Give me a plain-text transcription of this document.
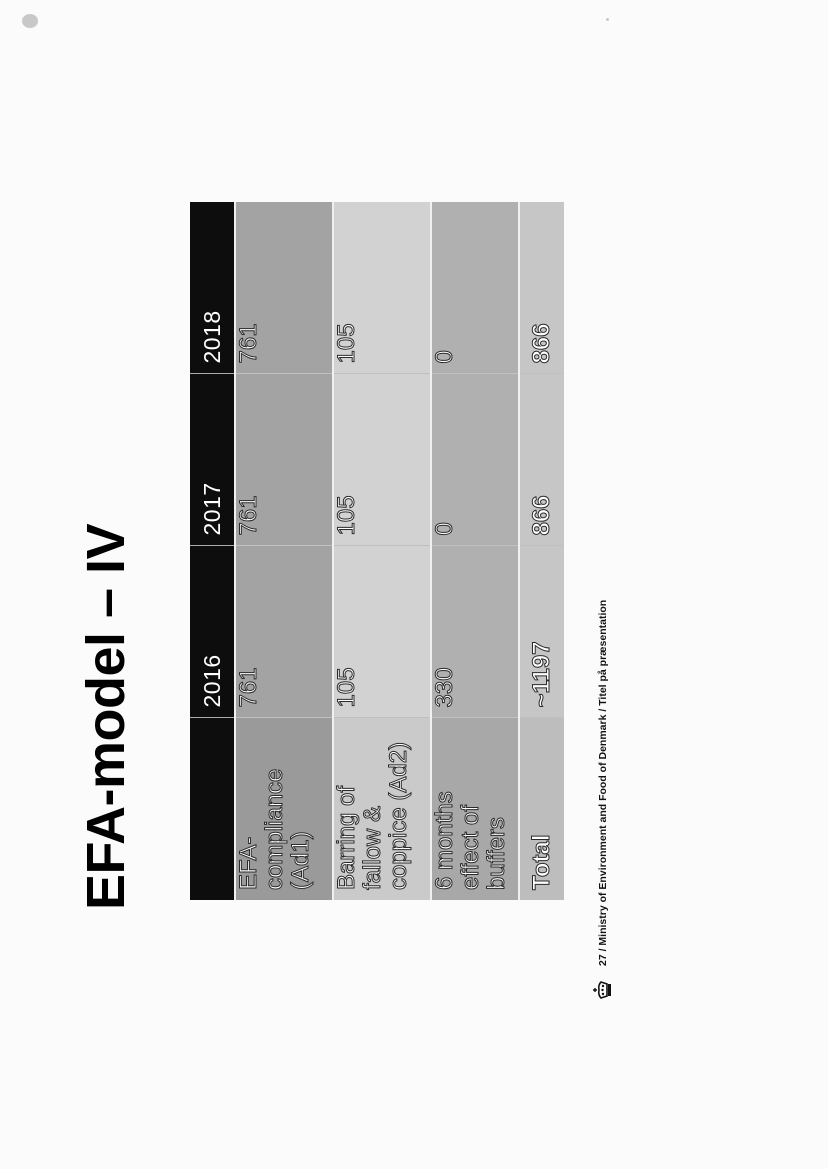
EFA-model – IV
		2016	2017	2018
EFA-compliance (Ad1)	761	761	761
Barring of fallow & coppice (Ad2)	105	105	105
6 months effect of buffers	330	0	0
Total	~1197	866	866
27 / Ministry of Environment and Food of Denmark / Titel på præsentation
